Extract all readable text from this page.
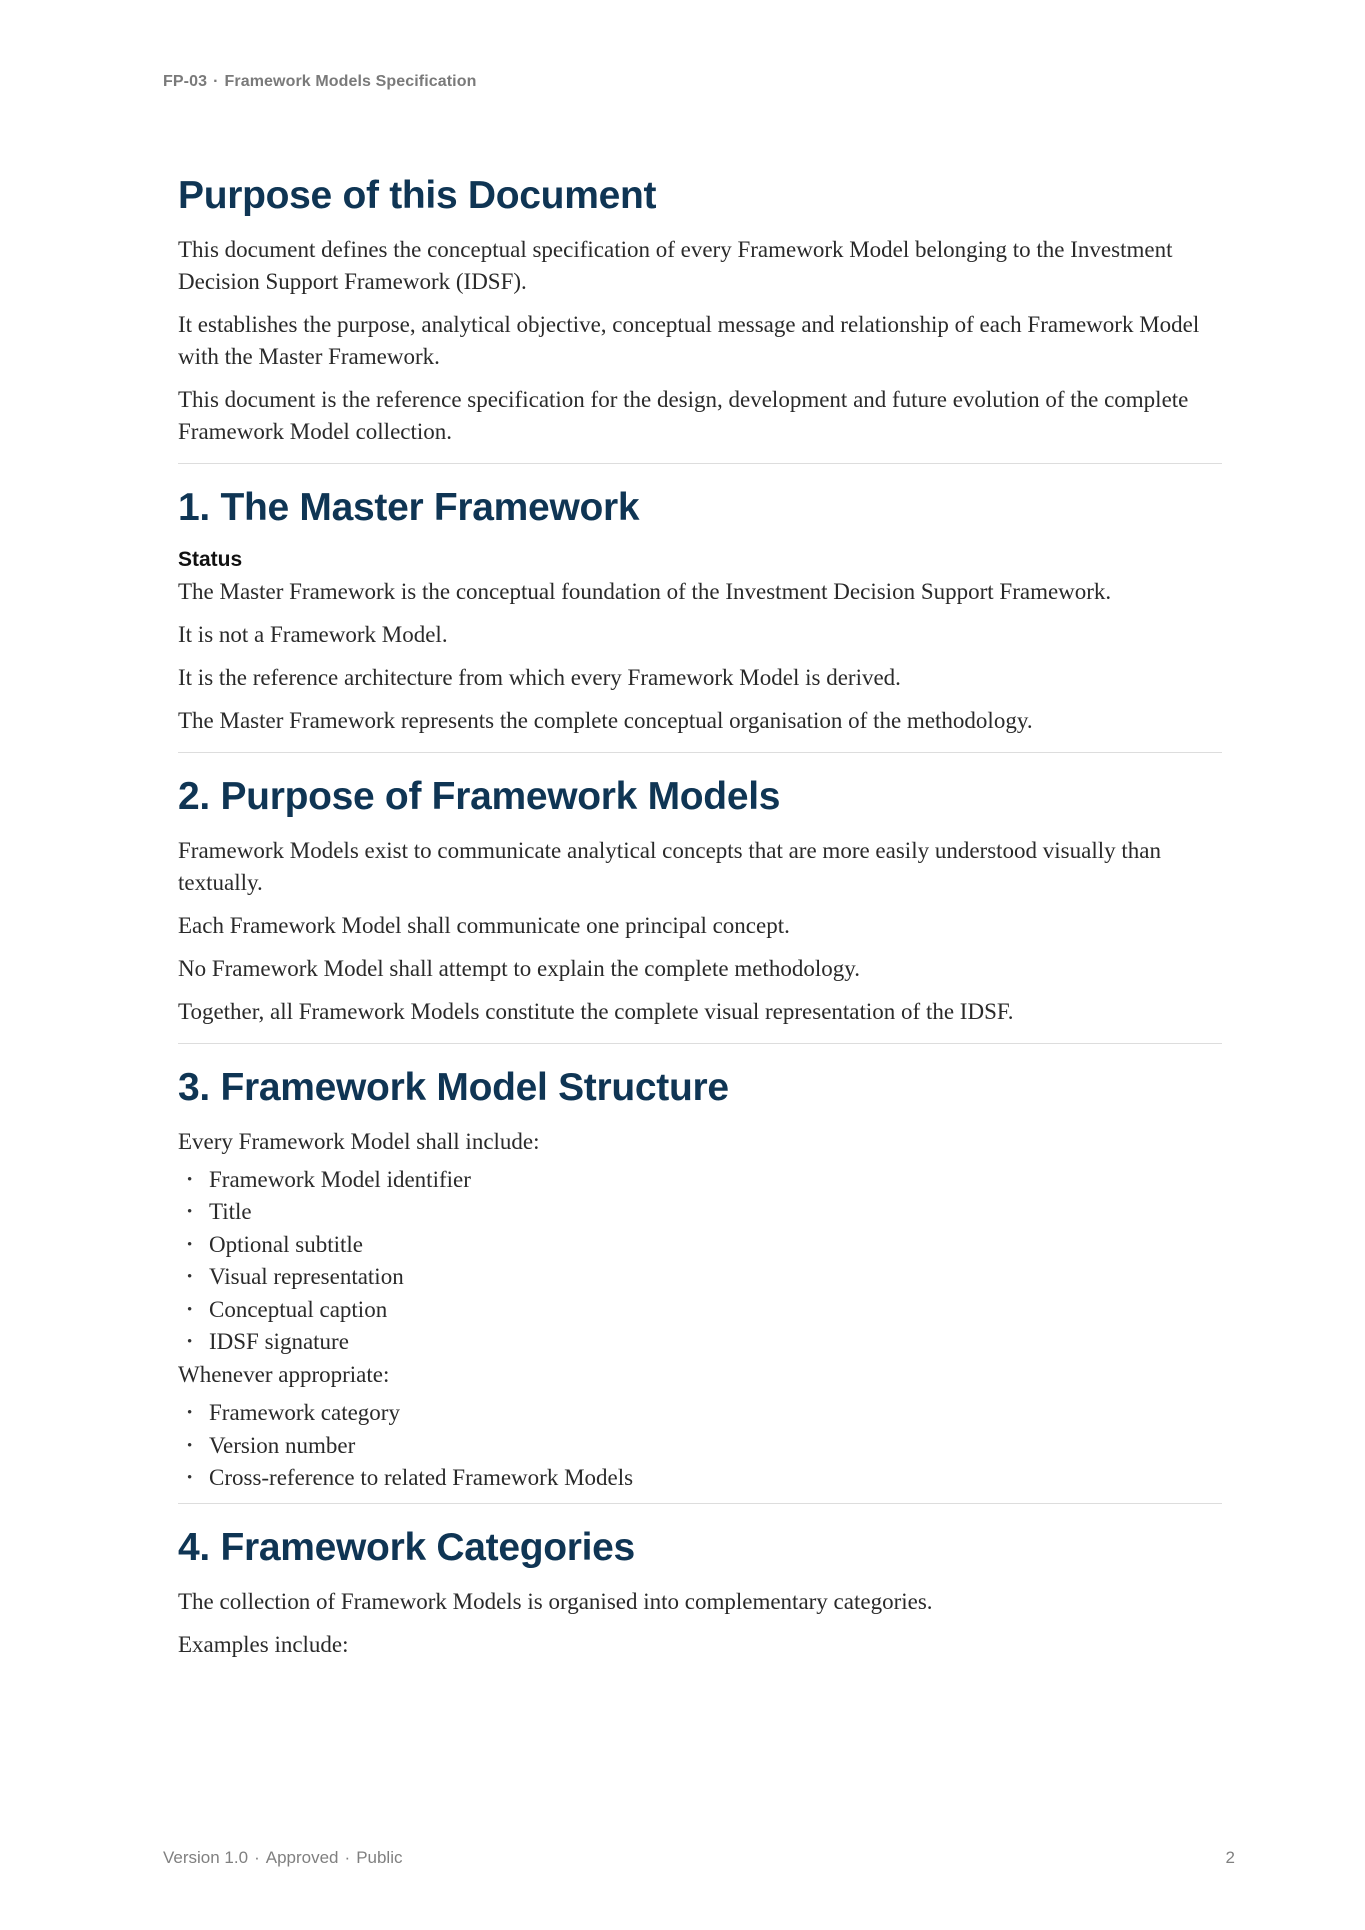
FP-03 · Framework Models Specification
Purpose of this Document

This document defines the conceptual specification of every Framework Model belonging to the Investment Decision Support Framework (IDSF).

It establishes the purpose, analytical objective, conceptual message and relationship of each Framework Model with the Master Framework.

This document is the reference specification for the design, development and future evolution of the complete Framework Model collection.

1. The Master Framework
Status

The Master Framework is the conceptual foundation of the Investment Decision Support Framework.

It is not a Framework Model.

It is the reference architecture from which every Framework Model is derived.

The Master Framework represents the complete conceptual organisation of the methodology.

2. Purpose of Framework Models

Framework Models exist to communicate analytical concepts that are more easily understood visually than textually.

Each Framework Model shall communicate one principal concept.

No Framework Model shall attempt to explain the complete methodology.

Together, all Framework Models constitute the complete visual representation of the IDSF.

3. Framework Model Structure

Every Framework Model shall include:

• Framework Model identifier
• Title
• Optional subtitle
• Visual representation
• Conceptual caption
• IDSF signature

Whenever appropriate:

• Framework category
• Version number
• Cross-reference to related Framework Models
4. Framework Categories

The collection of Framework Models is organised into complementary categories.

Examples include:

Version 1.0 · Approved · Public	2
